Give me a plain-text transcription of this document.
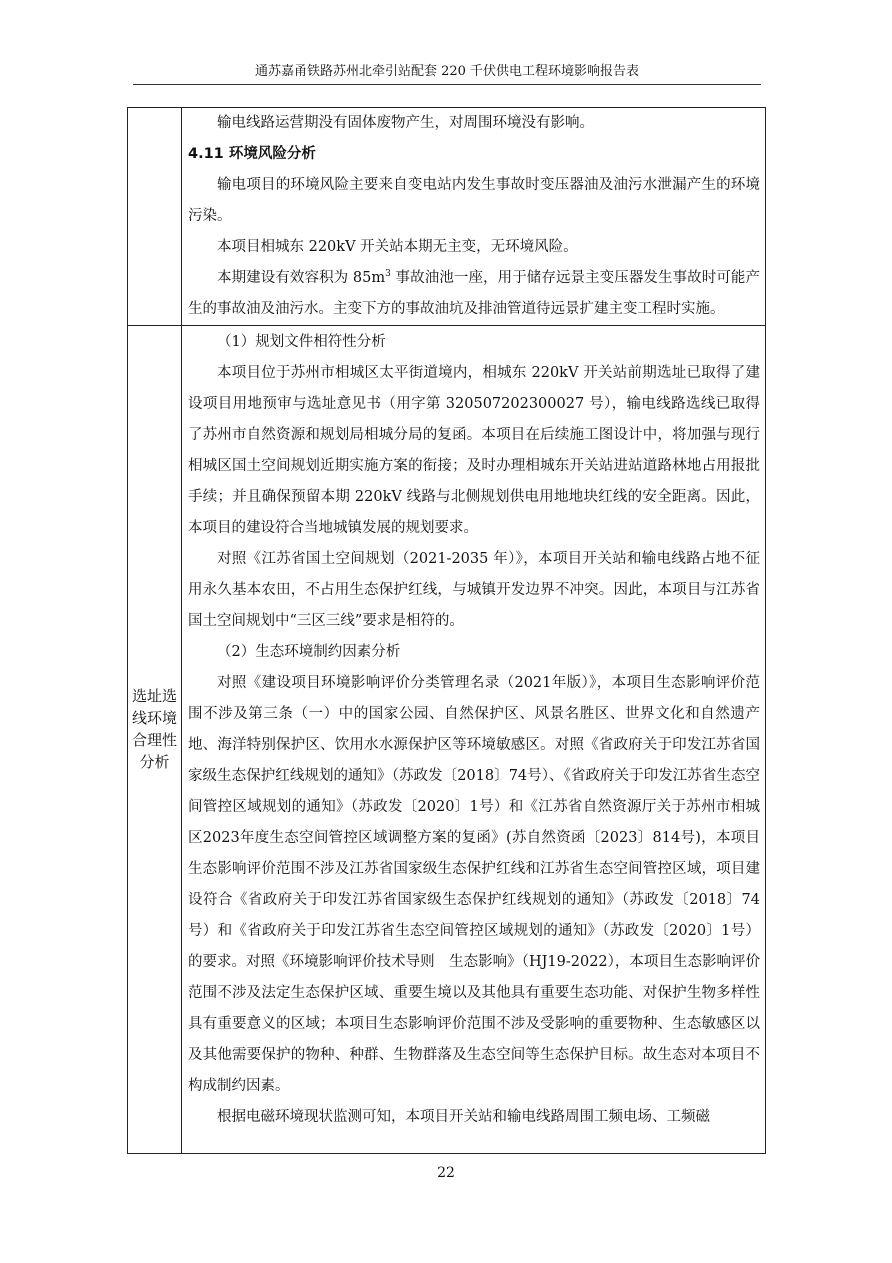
通苏嘉甬铁路苏州北牵引站配套 220 千伏供电工程环境影响报告表

输电线路运营期没有固体废物产生，对周围环境没有影响。

4.11 环境风险分析

输电项目的环境风险主要来自变电站内发生事故时变压器油及油污水泄漏产生的环境污染。

本项目相城东 220kV 开关站本期无主变，无环境风险。

本期建设有效容积为 $85m^3$ 事故油池一座，用于储存远景主变压器发生事故时可能产生的事故油及油污水。主变下方的事故油坑及排油管道待远景扩建主变工程时实施。

选址选线环境合理性分析

（1）规划文件相符性分析

本项目位于苏州市相城区太平街道境内，相城东 220kV 开关站前期选址已取得了建设项目用地预审与选址意见书（用字第 320507202300027 号），输电线路选线已取得了苏州市自然资源和规划局相城分局的复函。本项目在后续施工图设计中，将加强与现行相城区国土空间规划近期实施方案的衔接；及时办理相城东开关站进站道路林地占用报批手续；并且确保预留本期 220kV 线路与北侧规划供电用地地块红线的安全距离。因此，本项目的建设符合当地城镇发展的规划要求。

对照《江苏省国土空间规划（2021-2035 年）》，本项目开关站和输电线路占地不征用永久基本农田，不占用生态保护红线，与城镇开发边界不冲突。因此，本项目与江苏省国土空间规划中“三区三线”要求是相符的。

（2）生态环境制约因素分析

对照《建设项目环境影响评价分类管理名录（2021年版）》，本项目生态影响评价范围不涉及第三条（一）中的国家公园、自然保护区、风景名胜区、世界文化和自然遗产地、海洋特别保护区、饮用水水源保护区等环境敏感区。对照《省政府关于印发江苏省国家级生态保护红线规划的通知》（苏政发〔2018〕74号）、《省政府关于印发江苏省生态空间管控区域规划的通知》（苏政发〔2020〕1号）和《江苏省自然资源厅关于苏州市相城区2023年度生态空间管控区域调整方案的复函》(苏自然资函〔2023〕814号)，本项目生态影响评价范围不涉及江苏省国家级生态保护红线和江苏省生态空间管控区域，项目建设符合《省政府关于印发江苏省国家级生态保护红线规划的通知》（苏政发〔2018〕74号）和《省政府关于印发江苏省生态空间管控区域规划的通知》（苏政发〔2020〕1号）的要求。对照《环境影响评价技术导则　生态影响》（HJ19-2022），本项目生态影响评价范围不涉及法定生态保护区域、重要生境以及其他具有重要生态功能、对保护生物多样性具有重要意义的区域；本项目生态影响评价范围不涉及受影响的重要物种、生态敏感区以及其他需要保护的物种、种群、生物群落及生态空间等生态保护目标。故生态对本项目不构成制约因素。

根据电磁环境现状监测可知，本项目开关站和输电线路周围工频电场、工频磁

22
